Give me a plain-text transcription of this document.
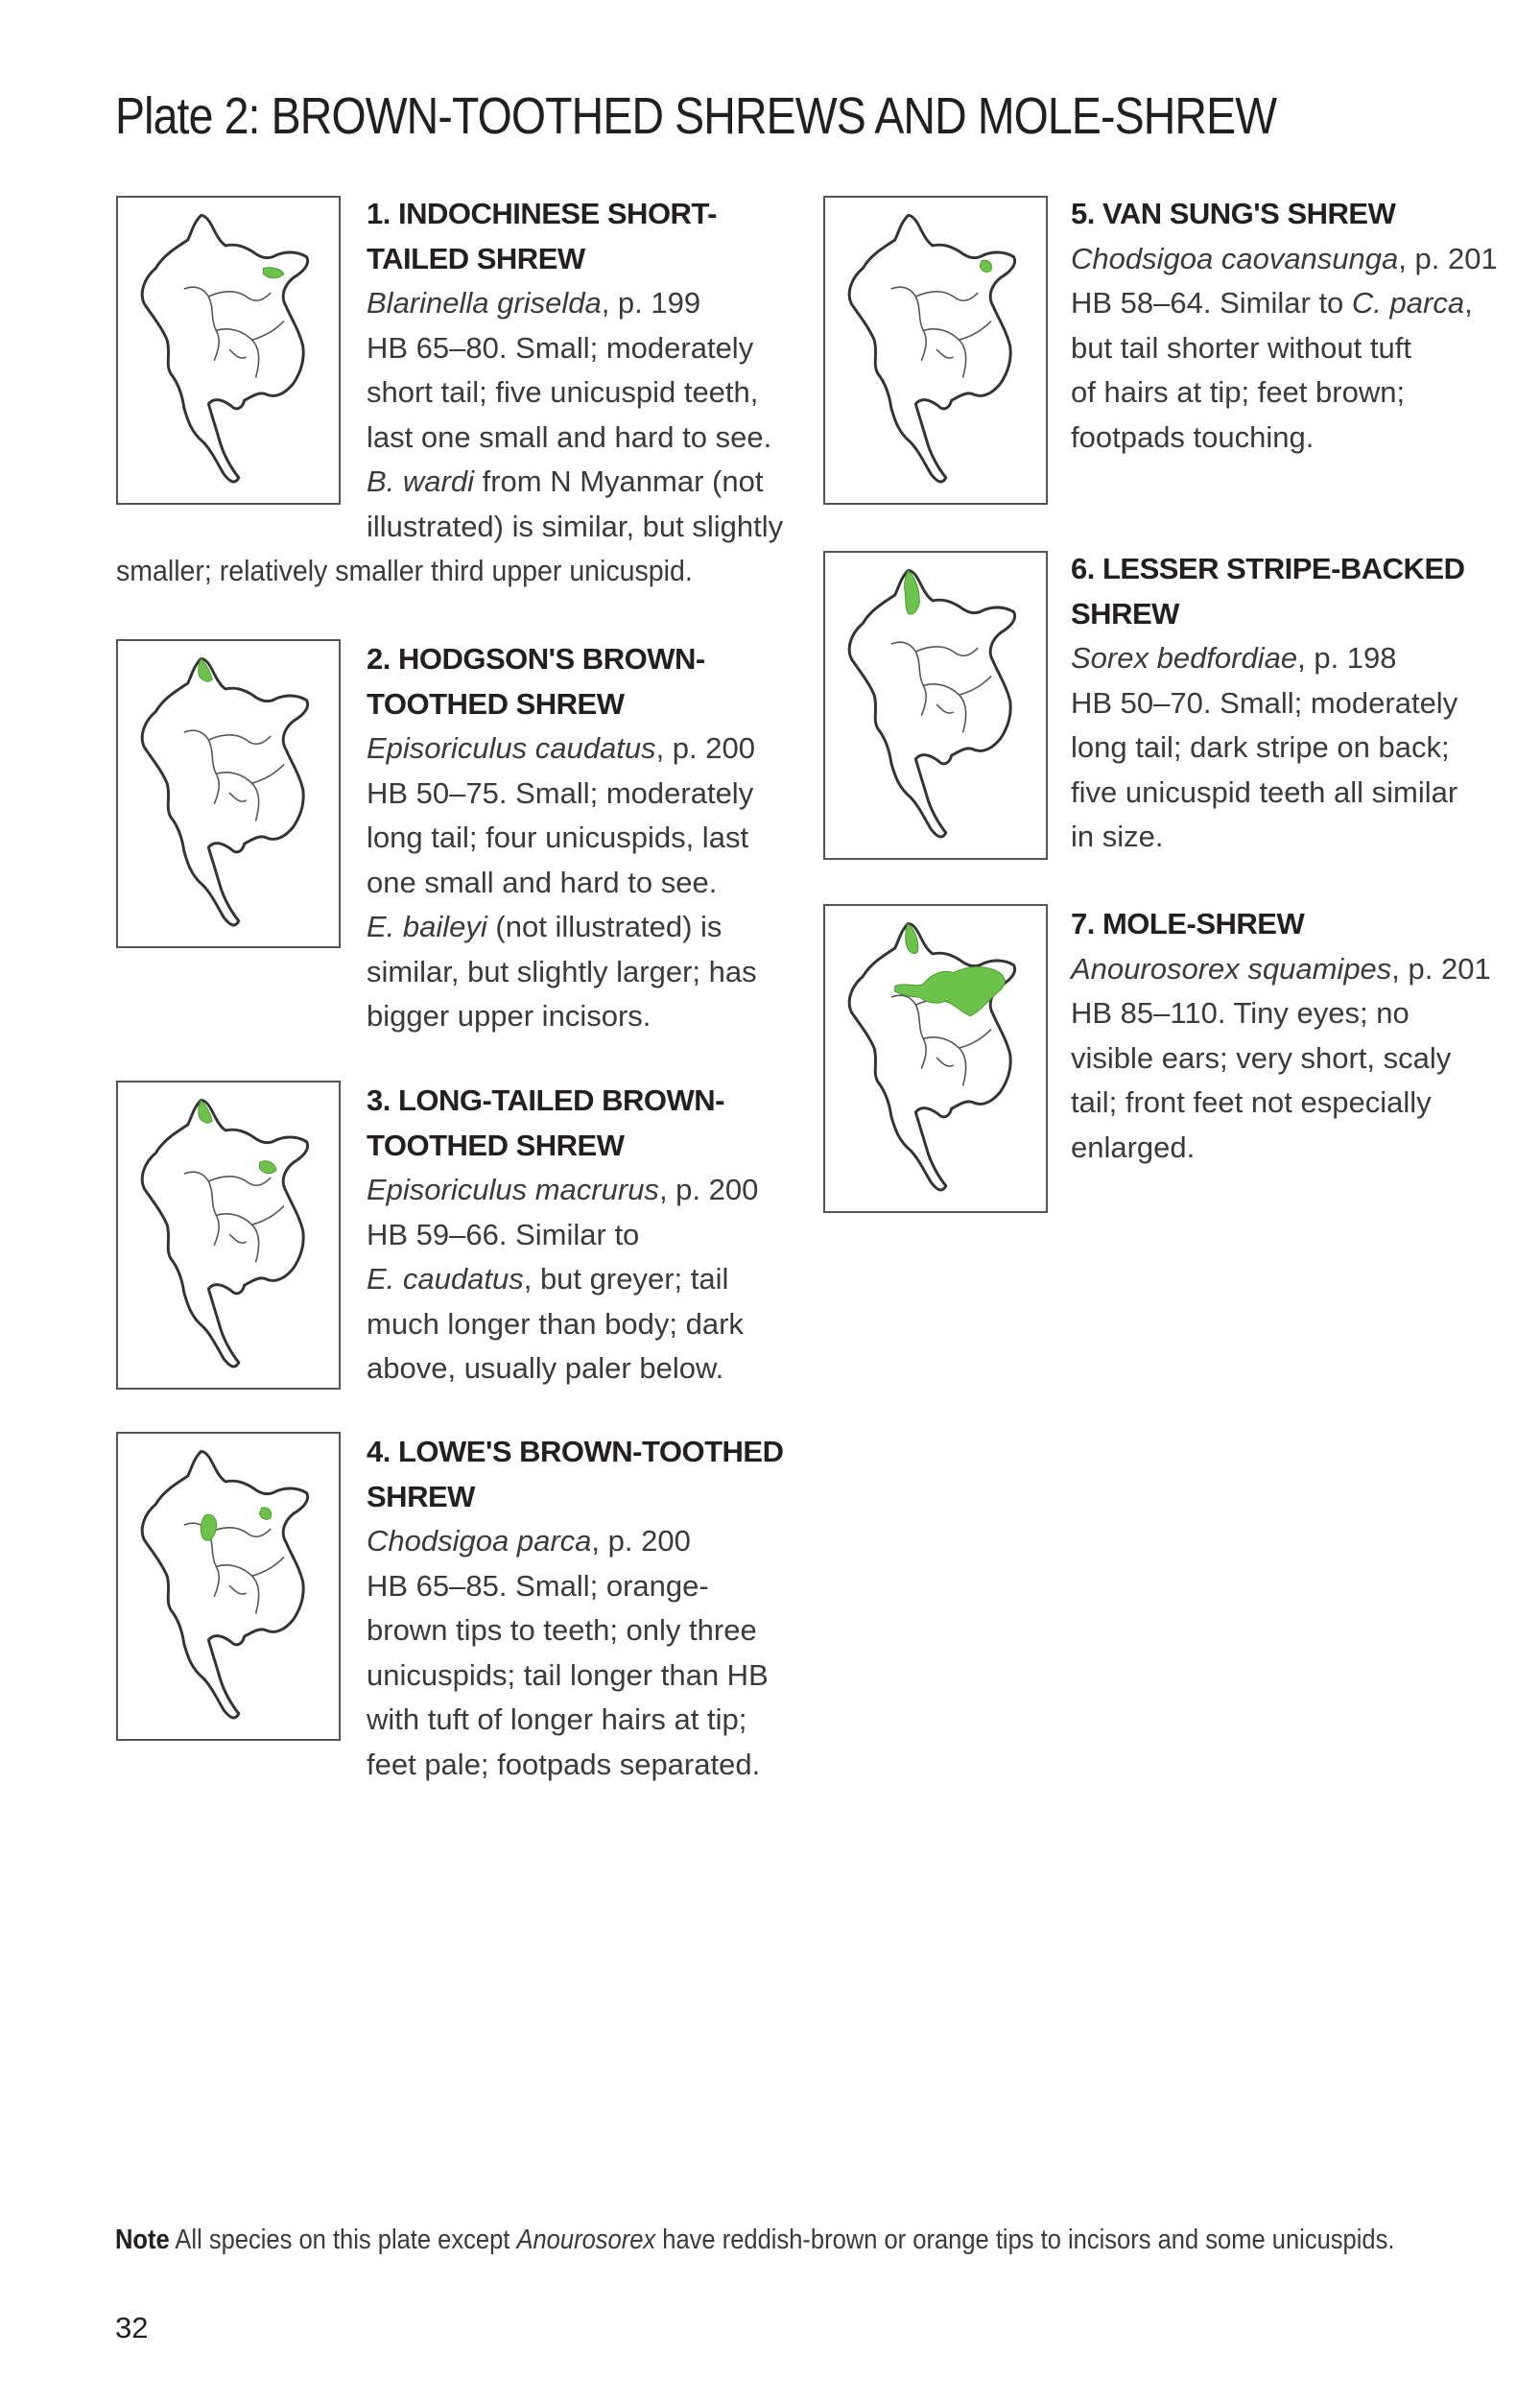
Plate 2: BROWN-TOOTHED SHREWS AND MOLE-SHREW
1. INDOCHINESE SHORT-
TAILED SHREW
Blarinella griselda, p. 199
HB 65–80. Small; moderately
short tail; five unicuspid teeth,
last one small and hard to see.
B. wardi from N Myanmar (not
illustrated) is similar, but slightly
smaller; relatively smaller third upper unicuspid.
2. HODGSON'S BROWN-
TOOTHED SHREW
Episoriculus caudatus, p. 200
HB 50–75. Small; moderately
long tail; four unicuspids, last
one small and hard to see.
E. baileyi (not illustrated) is
similar, but slightly larger; has
bigger upper incisors.
3. LONG-TAILED BROWN-
TOOTHED SHREW
Episoriculus macrurus, p. 200
HB 59–66. Similar to
E. caudatus, but greyer; tail
much longer than body; dark
above, usually paler below.
4. LOWE'S BROWN-TOOTHED
SHREW
Chodsigoa parca, p. 200
HB 65–85. Small; orange-
brown tips to teeth; only three
unicuspids; tail longer than HB
with tuft of longer hairs at tip;
feet pale; footpads separated.
5. VAN SUNG'S SHREW
Chodsigoa caovansunga, p. 201
HB 58–64. Similar to C. parca,
but tail shorter without tuft
of hairs at tip; feet brown;
footpads touching.
6. LESSER STRIPE-BACKED
SHREW
Sorex bedfordiae, p. 198
HB 50–70. Small; moderately
long tail; dark stripe on back;
five unicuspid teeth all similar
in size.
7. MOLE-SHREW
Anourosorex squamipes, p. 201
HB 85–110. Tiny eyes; no
visible ears; very short, scaly
tail; front feet not especially
enlarged.
Note All species on this plate except Anourosorex have reddish-brown or orange tips to incisors and some unicuspids.
32
